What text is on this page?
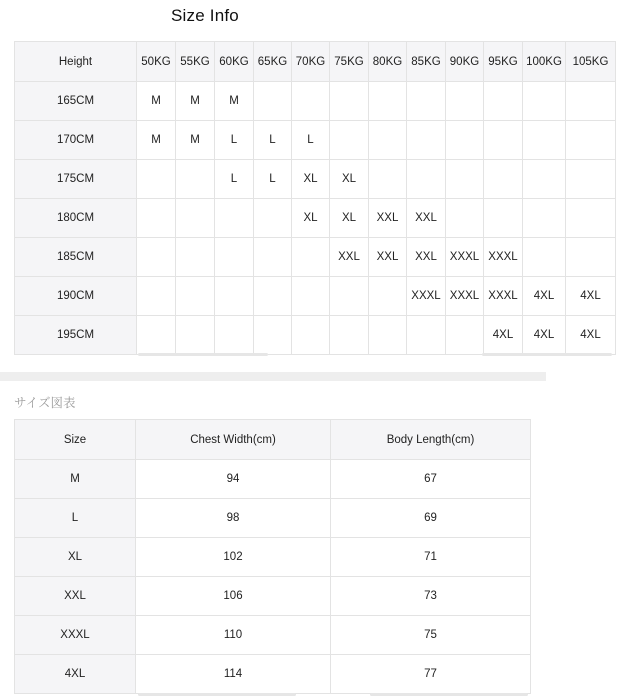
Size Info
Height	50KG	55KG	60KG	65KG	70KG	75KG	80KG	85KG	90KG	95KG	100KG	105KG
165CM	M	M	M									
170CM	M	M	L	L	L							
175CM			L	L	XL	XL						
180CM					XL	XL	XXL	XXL				
185CM						XXL	XXL	XXL	XXXL	XXXL		
190CM								XXXL	XXXL	XXXL	4XL	4XL
195CM										4XL	4XL	4XL
サイズ図表
Size	Chest Width(cm)	Body Length(cm)
M	94	67
L	98	69
XL	102	71
XXL	106	73
XXXL	110	75
4XL	114	77
